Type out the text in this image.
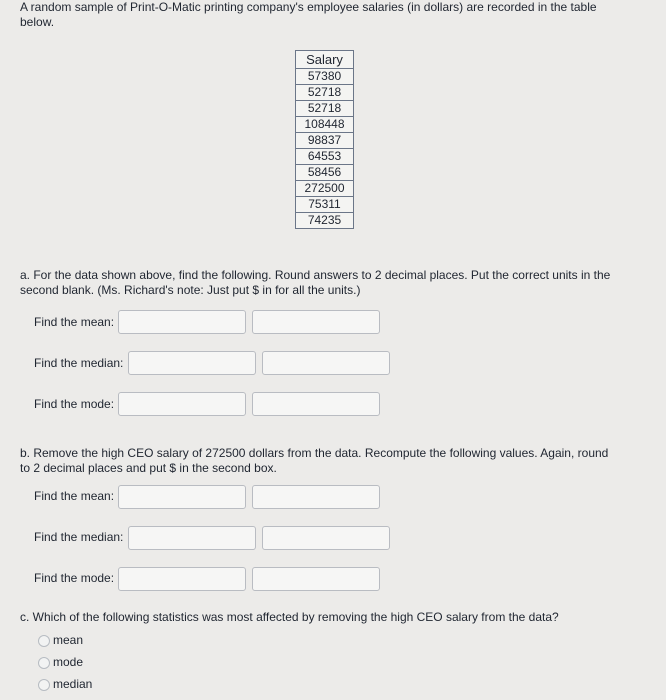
A random sample of Print-O-Matic printing company's employee salaries (in dollars) are recorded in the table below.
Salary
57380
52718
52718
108448
98837
64553
58456
272500
75311
74235
a. For the data shown above, find the following. Round answers to 2 decimal places. Put the correct units in the second blank. (Ms. Richard's note: Just put $ in for all the units.)
Find the mean:
Find the median:
Find the mode:
b. Remove the high CEO salary of 272500 dollars from the data. Recompute the following values. Again, round to 2 decimal places and put $ in the second box.
Find the mean:
Find the median:
Find the mode:
c. Which of the following statistics was most affected by removing the high CEO salary from the data?
mean
mode
median
